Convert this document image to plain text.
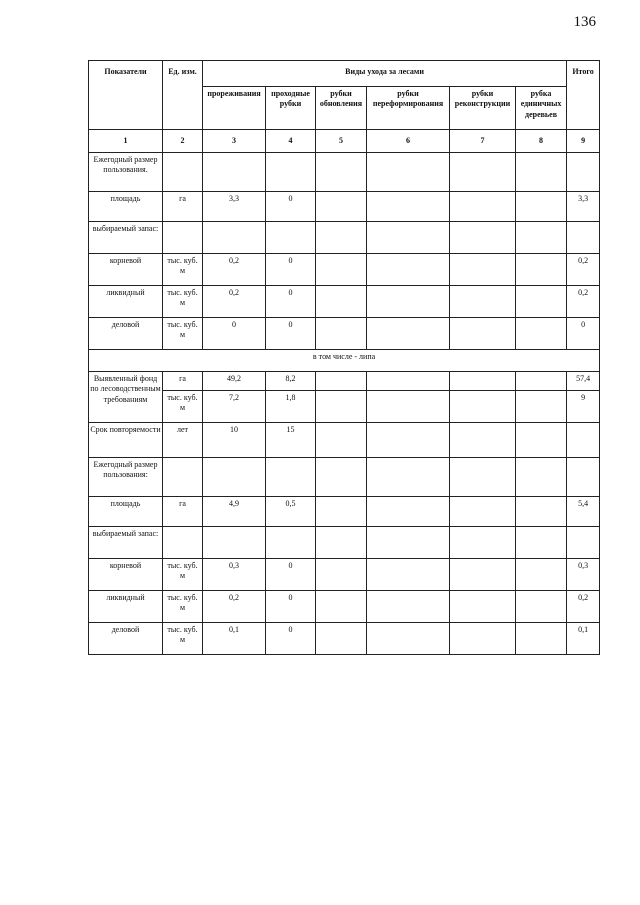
136
Показатели	Ед. изм.	Виды ухода за лесами						Итого
		прореживания	проходные рубки	рубки обновления	рубки переформирования	рубки реконструкции	рубка единичных деревьев	
1	2	3	4	5	6	7	8	9
Ежегодный размер пользования.								
площадь	га	3,3	0					3,3
выбираемый запас:								
корневой	тыс. куб. м	0,2	0					0,2
ликвидный	тыс. куб. м	0,2	0					0,2
деловой	тыс. куб. м	0	0					0
в том числе - липа								
Выявленный фонд по лесоводственным требованиям	га	49,2	8,2					57,4
	тыс. куб. м	7,2	1,8					9
Срок повторяемости	лет	10	15					
Ежегодный размер пользования:								
площадь	га	4,9	0,5					5,4
выбираемый запас:								
корневой	тыс. куб. м	0,3	0					0,3
ликвидный	тыс. куб. м	0,2	0					0,2
деловой	тыс. куб. м	0,1	0					0,1
